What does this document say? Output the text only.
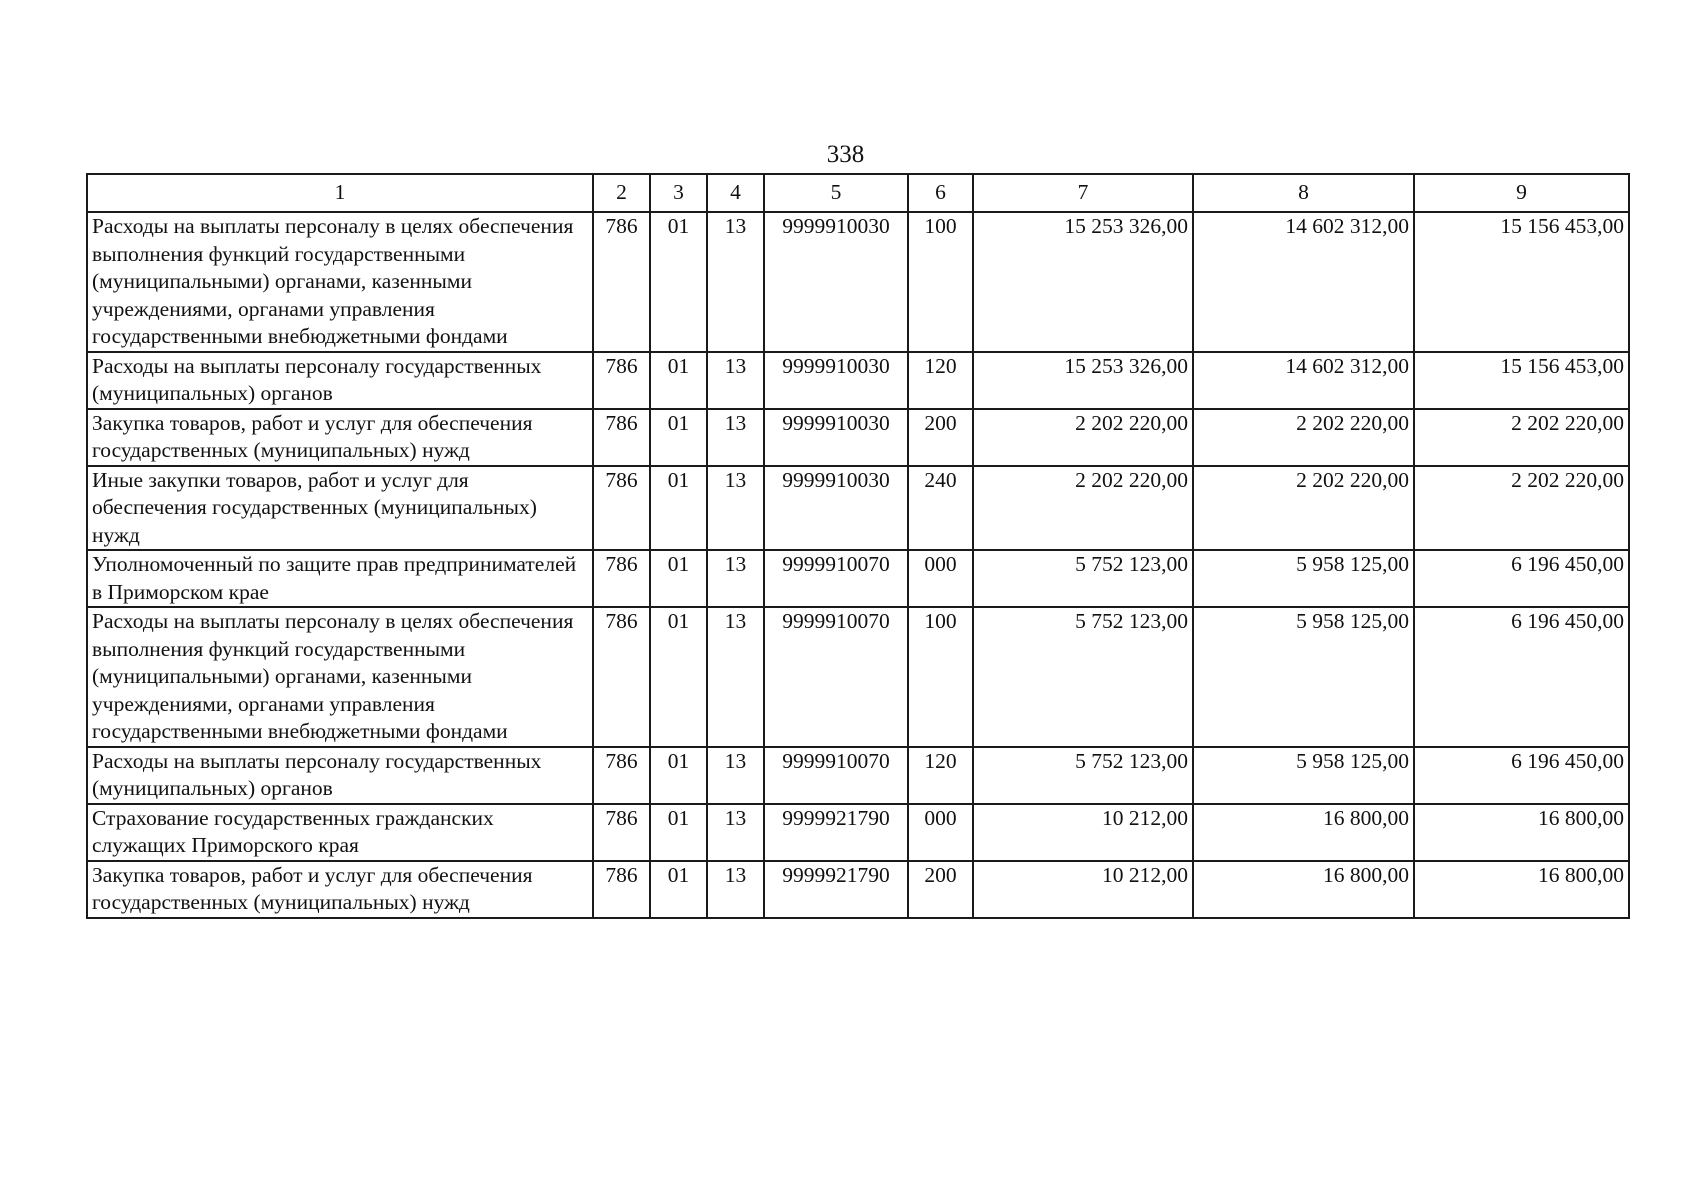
338
1	2	3	4	5	6	7	8	9
Расходы на выплаты персоналу в целях обеспечения выполнения функций государственными (муниципальными) органами, казенными учреждениями, органами управления государственными внебюджетными фондами	786	01	13	9999910030	100	15 253 326,00	14 602 312,00	15 156 453,00
Расходы на выплаты персоналу государственных (муниципальных) органов	786	01	13	9999910030	120	15 253 326,00	14 602 312,00	15 156 453,00
Закупка товаров, работ и услуг для обеспечения государственных (муниципальных) нужд	786	01	13	9999910030	200	2 202 220,00	2 202 220,00	2 202 220,00
Иные закупки товаров, работ и услуг для обеспечения государственных (муниципальных) нужд	786	01	13	9999910030	240	2 202 220,00	2 202 220,00	2 202 220,00
Уполномоченный по защите прав предпринимателей в Приморском крае	786	01	13	9999910070	000	5 752 123,00	5 958 125,00	6 196 450,00
Расходы на выплаты персоналу в целях обеспечения выполнения функций государственными (муниципальными) органами, казенными учреждениями, органами управления государственными внебюджетными фондами	786	01	13	9999910070	100	5 752 123,00	5 958 125,00	6 196 450,00
Расходы на выплаты персоналу государственных (муниципальных) органов	786	01	13	9999910070	120	5 752 123,00	5 958 125,00	6 196 450,00
Страхование государственных гражданских служащих Приморского края	786	01	13	9999921790	000	10 212,00	16 800,00	16 800,00
Закупка товаров, работ и услуг для обеспечения государственных (муниципальных) нужд	786	01	13	9999921790	200	10 212,00	16 800,00	16 800,00
